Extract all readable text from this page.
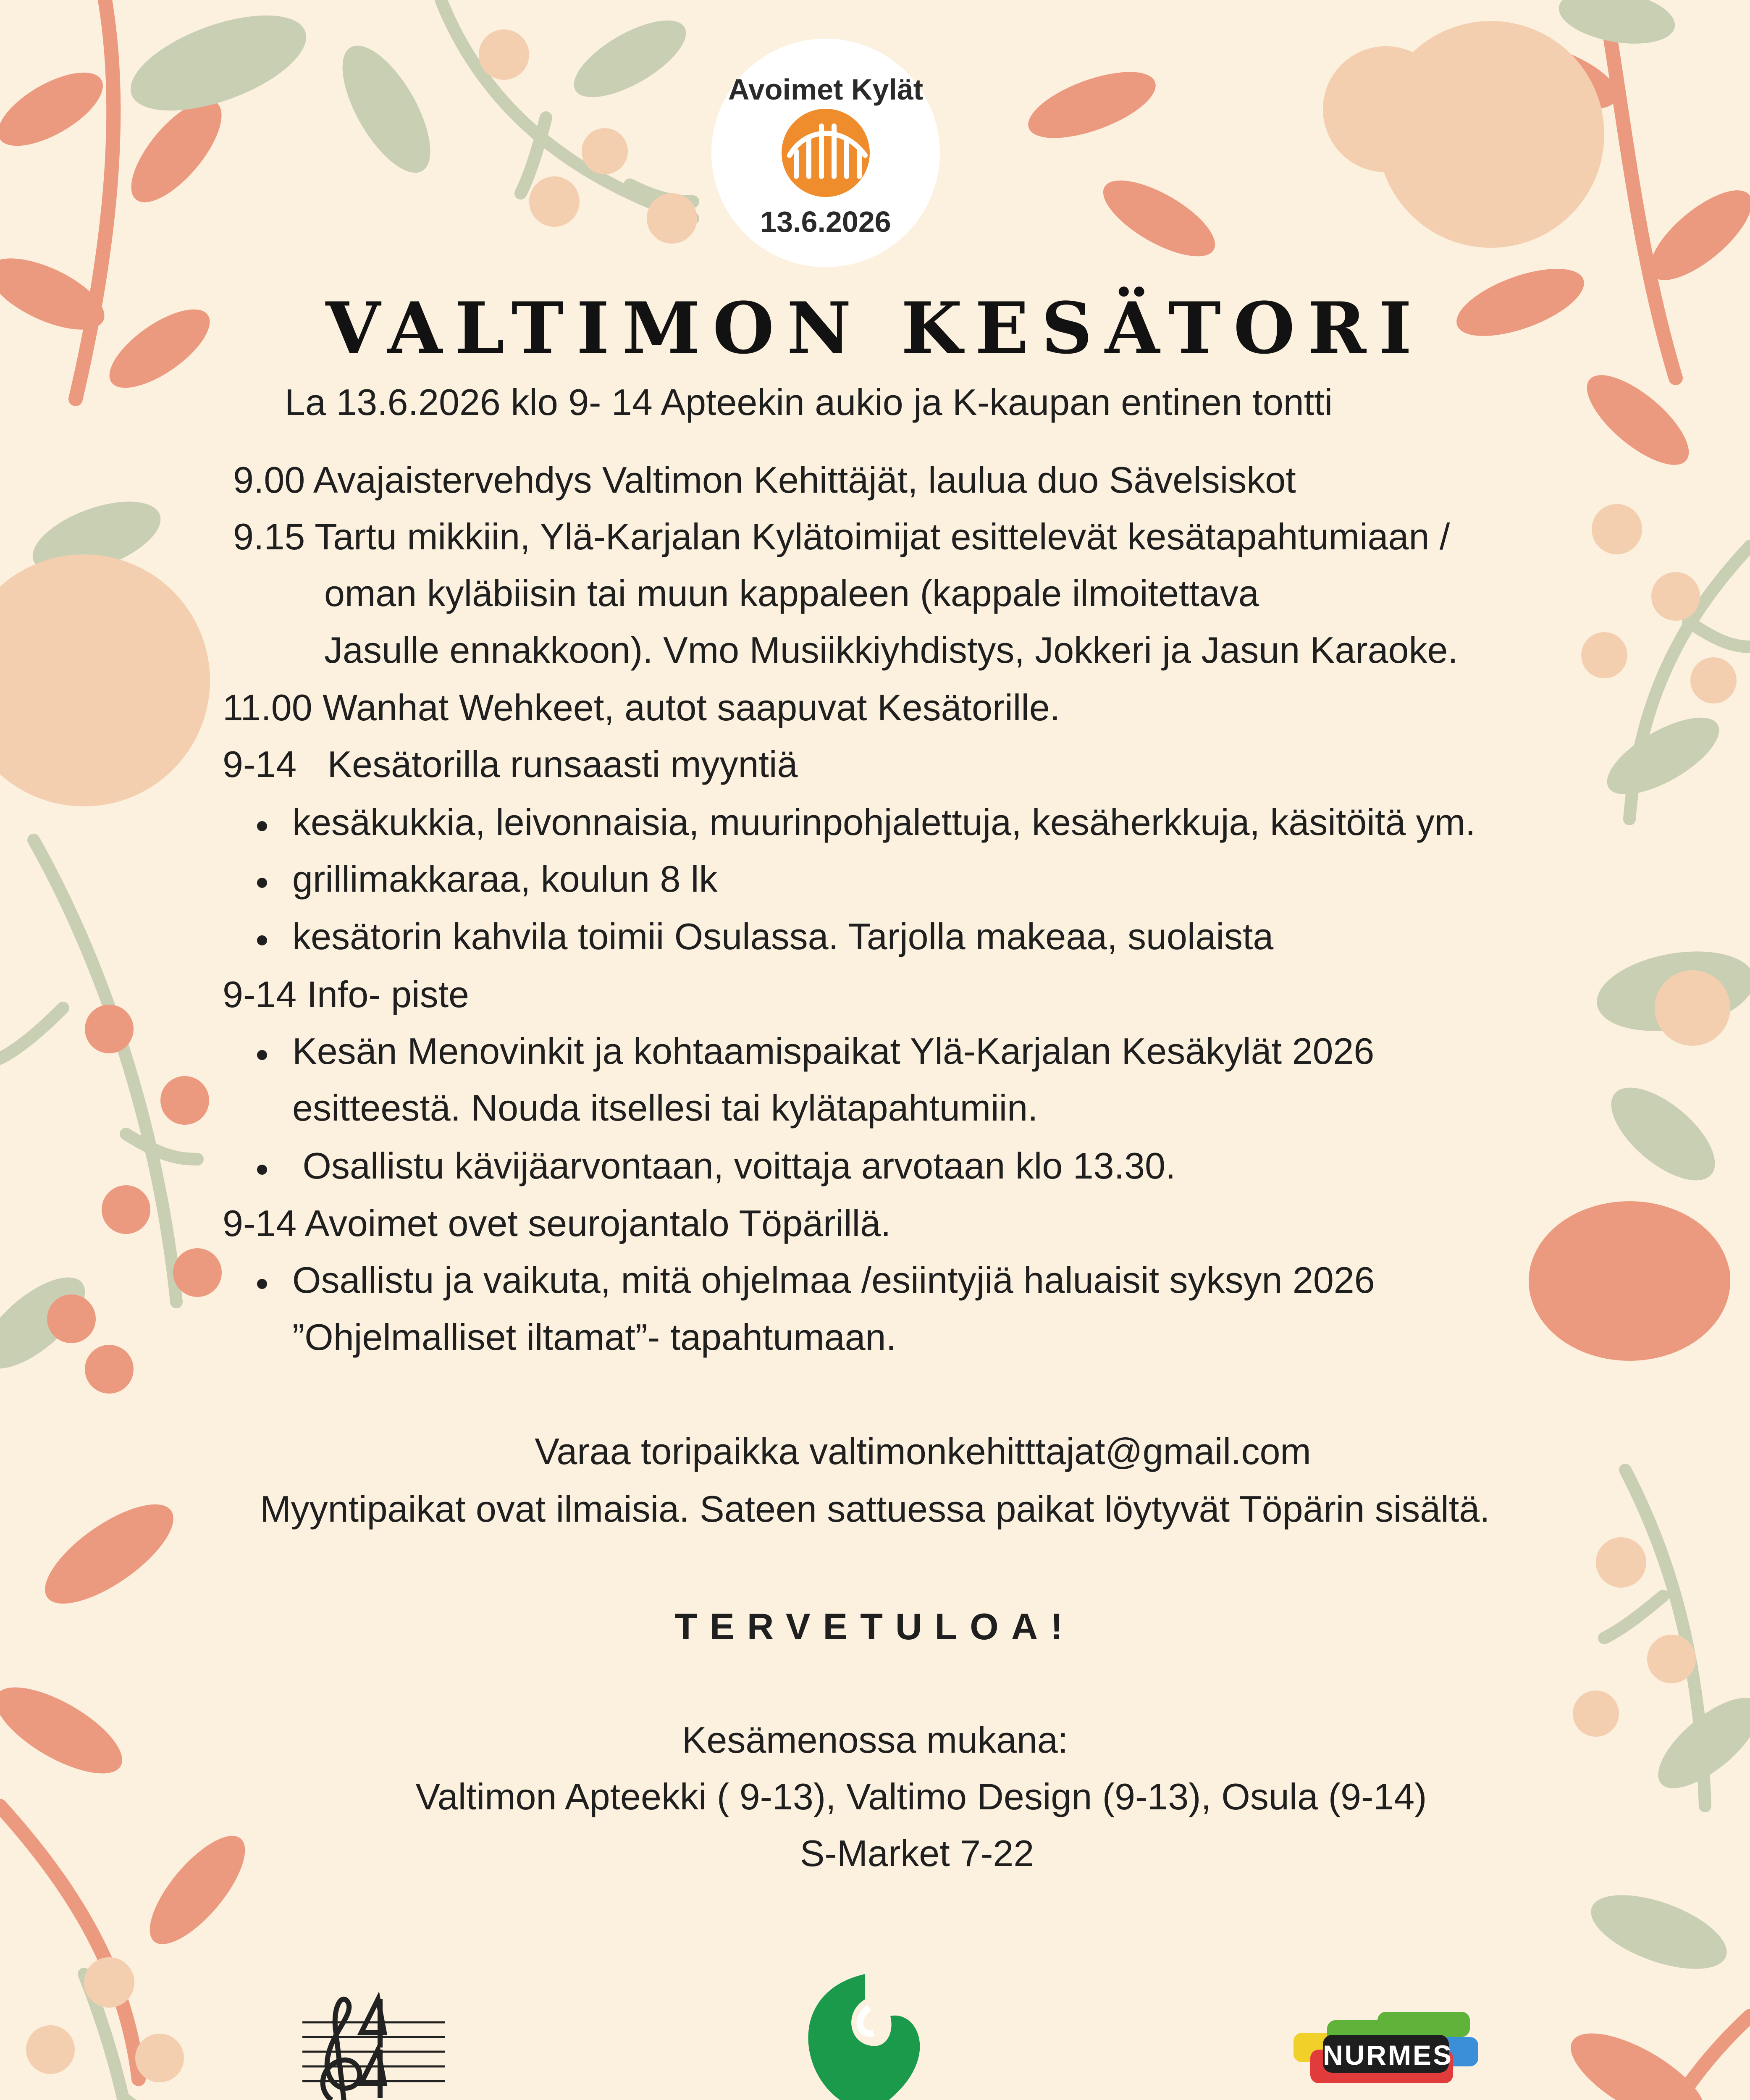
Avoimet Kylät
13.6.2026
VALTIMON KESÄTORI
La 13.6.2026 klo 9- 14 Apteekin aukio ja K-kaupan entinen tontti
9.00 Avajaistervehdys Valtimon Kehittäjät, laulua duo Sävelsiskot
9.15 Tartu mikkiin, Ylä-Karjalan Kylätoimijat esittelevät kesätapahtumiaan /
oman kyläbiisin tai muun kappaleen (kappale ilmoitettava
Jasulle ennakkoon). Vmo Musiikkiyhdistys, Jokkeri ja Jasun Karaoke.
11.00 Wanhat Wehkeet, autot saapuvat Kesätorille.
9-14   Kesätorilla runsaasti myyntiä
kesäkukkia, leivonnaisia, muurinpohjalettuja, kesäherkkuja, käsitöitä ym.
grillimakkaraa, koulun 8 lk
kesätorin kahvila toimii Osulassa. Tarjolla makeaa, suolaista
9-14 Info- piste
Kesän Menovinkit ja kohtaamispaikat Ylä-Karjalan Kesäkylät 2026
esitteestä. Nouda itsellesi tai kylätapahtumiin.
Osallistu kävijäarvontaan, voittaja arvotaan klo 13.30.
9-14 Avoimet ovet seurojantalo Töpärillä.
Osallistu ja vaikuta, mitä ohjelmaa /esiintyjiä haluaisit syksyn 2026
”Ohjelmalliset iltamat”- tapahtumaan.
Varaa toripaikka valtimonkehitttajat@gmail.com
Myyntipaikat ovat ilmaisia. Sateen sattuessa paikat löytyvät Töpärin sisältä.
TERVETULOA!
Kesämenossa mukana:
Valtimon Apteekki ( 9-13), Valtimo Design (9-13), Osula (9-14)
S-Market 7-22
NURMES
